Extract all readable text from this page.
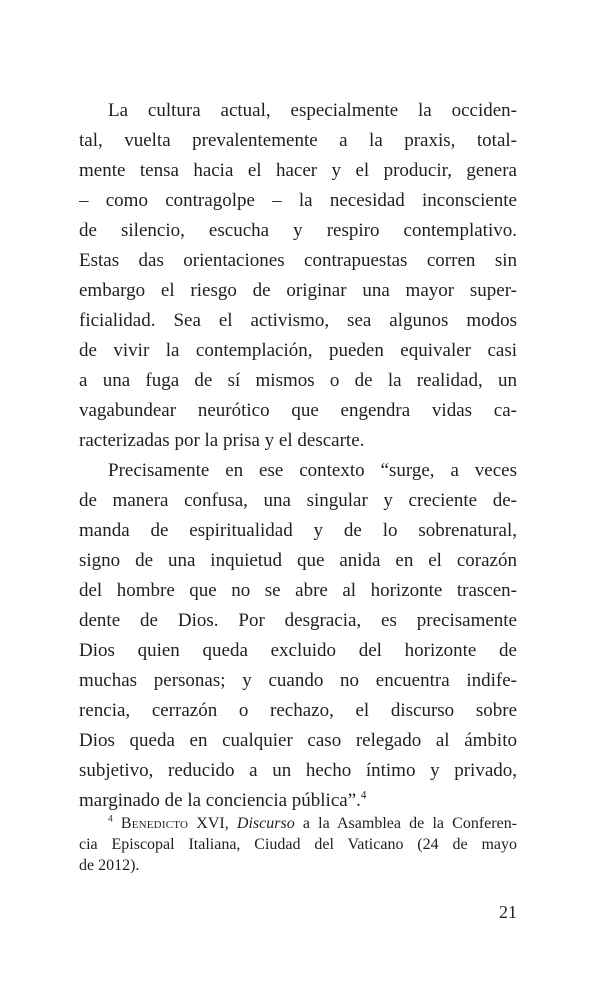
La cultura actual, especialmente la occiden-
tal, vuelta prevalentemente a la praxis, total-
mente tensa hacia el hacer y el producir, genera
– como contragolpe – la necesidad inconsciente
de silencio, escucha y respiro contemplativo.
Estas das orientaciones contrapuestas corren sin
embargo el riesgo de originar una mayor super-
ficialidad. Sea el activismo, sea algunos modos
de vivir la contemplación, pueden equivaler casi
a una fuga de sí mismos o de la realidad, un
vagabundear neurótico que engendra vidas ca-
racterizadas por la prisa y el descarte.
Precisamente en ese contexto “surge, a veces
de manera confusa, una singular y creciente de-
manda de espiritualidad y de lo sobrenatural,
signo de una inquietud que anida en el corazón
del hombre que no se abre al horizonte trascen-
dente de Dios. Por desgracia, es precisamente
Dios quien queda excluido del horizonte de
muchas personas; y cuando no encuentra indife-
rencia, cerrazón o rechazo, el discurso sobre
Dios queda en cualquier caso relegado al ámbito
subjetivo, reducido a un hecho íntimo y privado,
marginado de la conciencia pública”.$^4$
$^4$ Benedicto XVI, Discurso a la Asamblea de la Conferen-
cia Episcopal Italiana, Ciudad del Vaticano (24 de mayo
de 2012).
21
